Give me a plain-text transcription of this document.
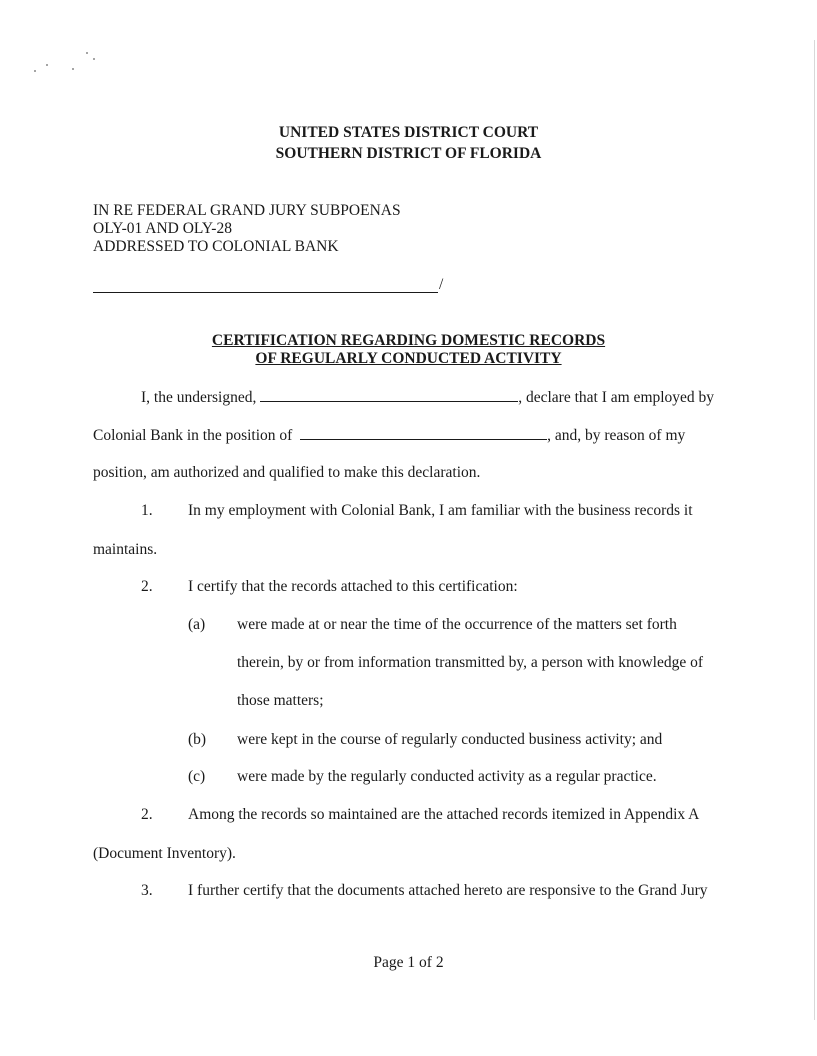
UNITED STATES DISTRICT COURT
SOUTHERN DISTRICT OF FLORIDA
IN RE FEDERAL GRAND JURY SUBPOENAS
OLY-01 AND OLY-28
ADDRESSED TO COLONIAL BANK
/
CERTIFICATION REGARDING DOMESTIC RECORDS
OF REGULARLY CONDUCTED ACTIVITY
I, the undersigned,	, declare that I am employed by
Colonial Bank in the position of	, and, by reason of my
position, am authorized and qualified to make this declaration.
1. In my employment with Colonial Bank, I am familiar with the business records it
maintains.
2. I certify that the records attached to this certification:
(a) were made at or near the time of the occurrence of the matters set forth
therein, by or from information transmitted by, a person with knowledge of
those matters;
(b) were kept in the course of regularly conducted business activity; and
(c) were made by the regularly conducted activity as a regular practice.
2. Among the records so maintained are the attached records itemized in Appendix A
(Document Inventory).
3. I further certify that the documents attached hereto are responsive to the Grand Jury
Page 1 of 2
